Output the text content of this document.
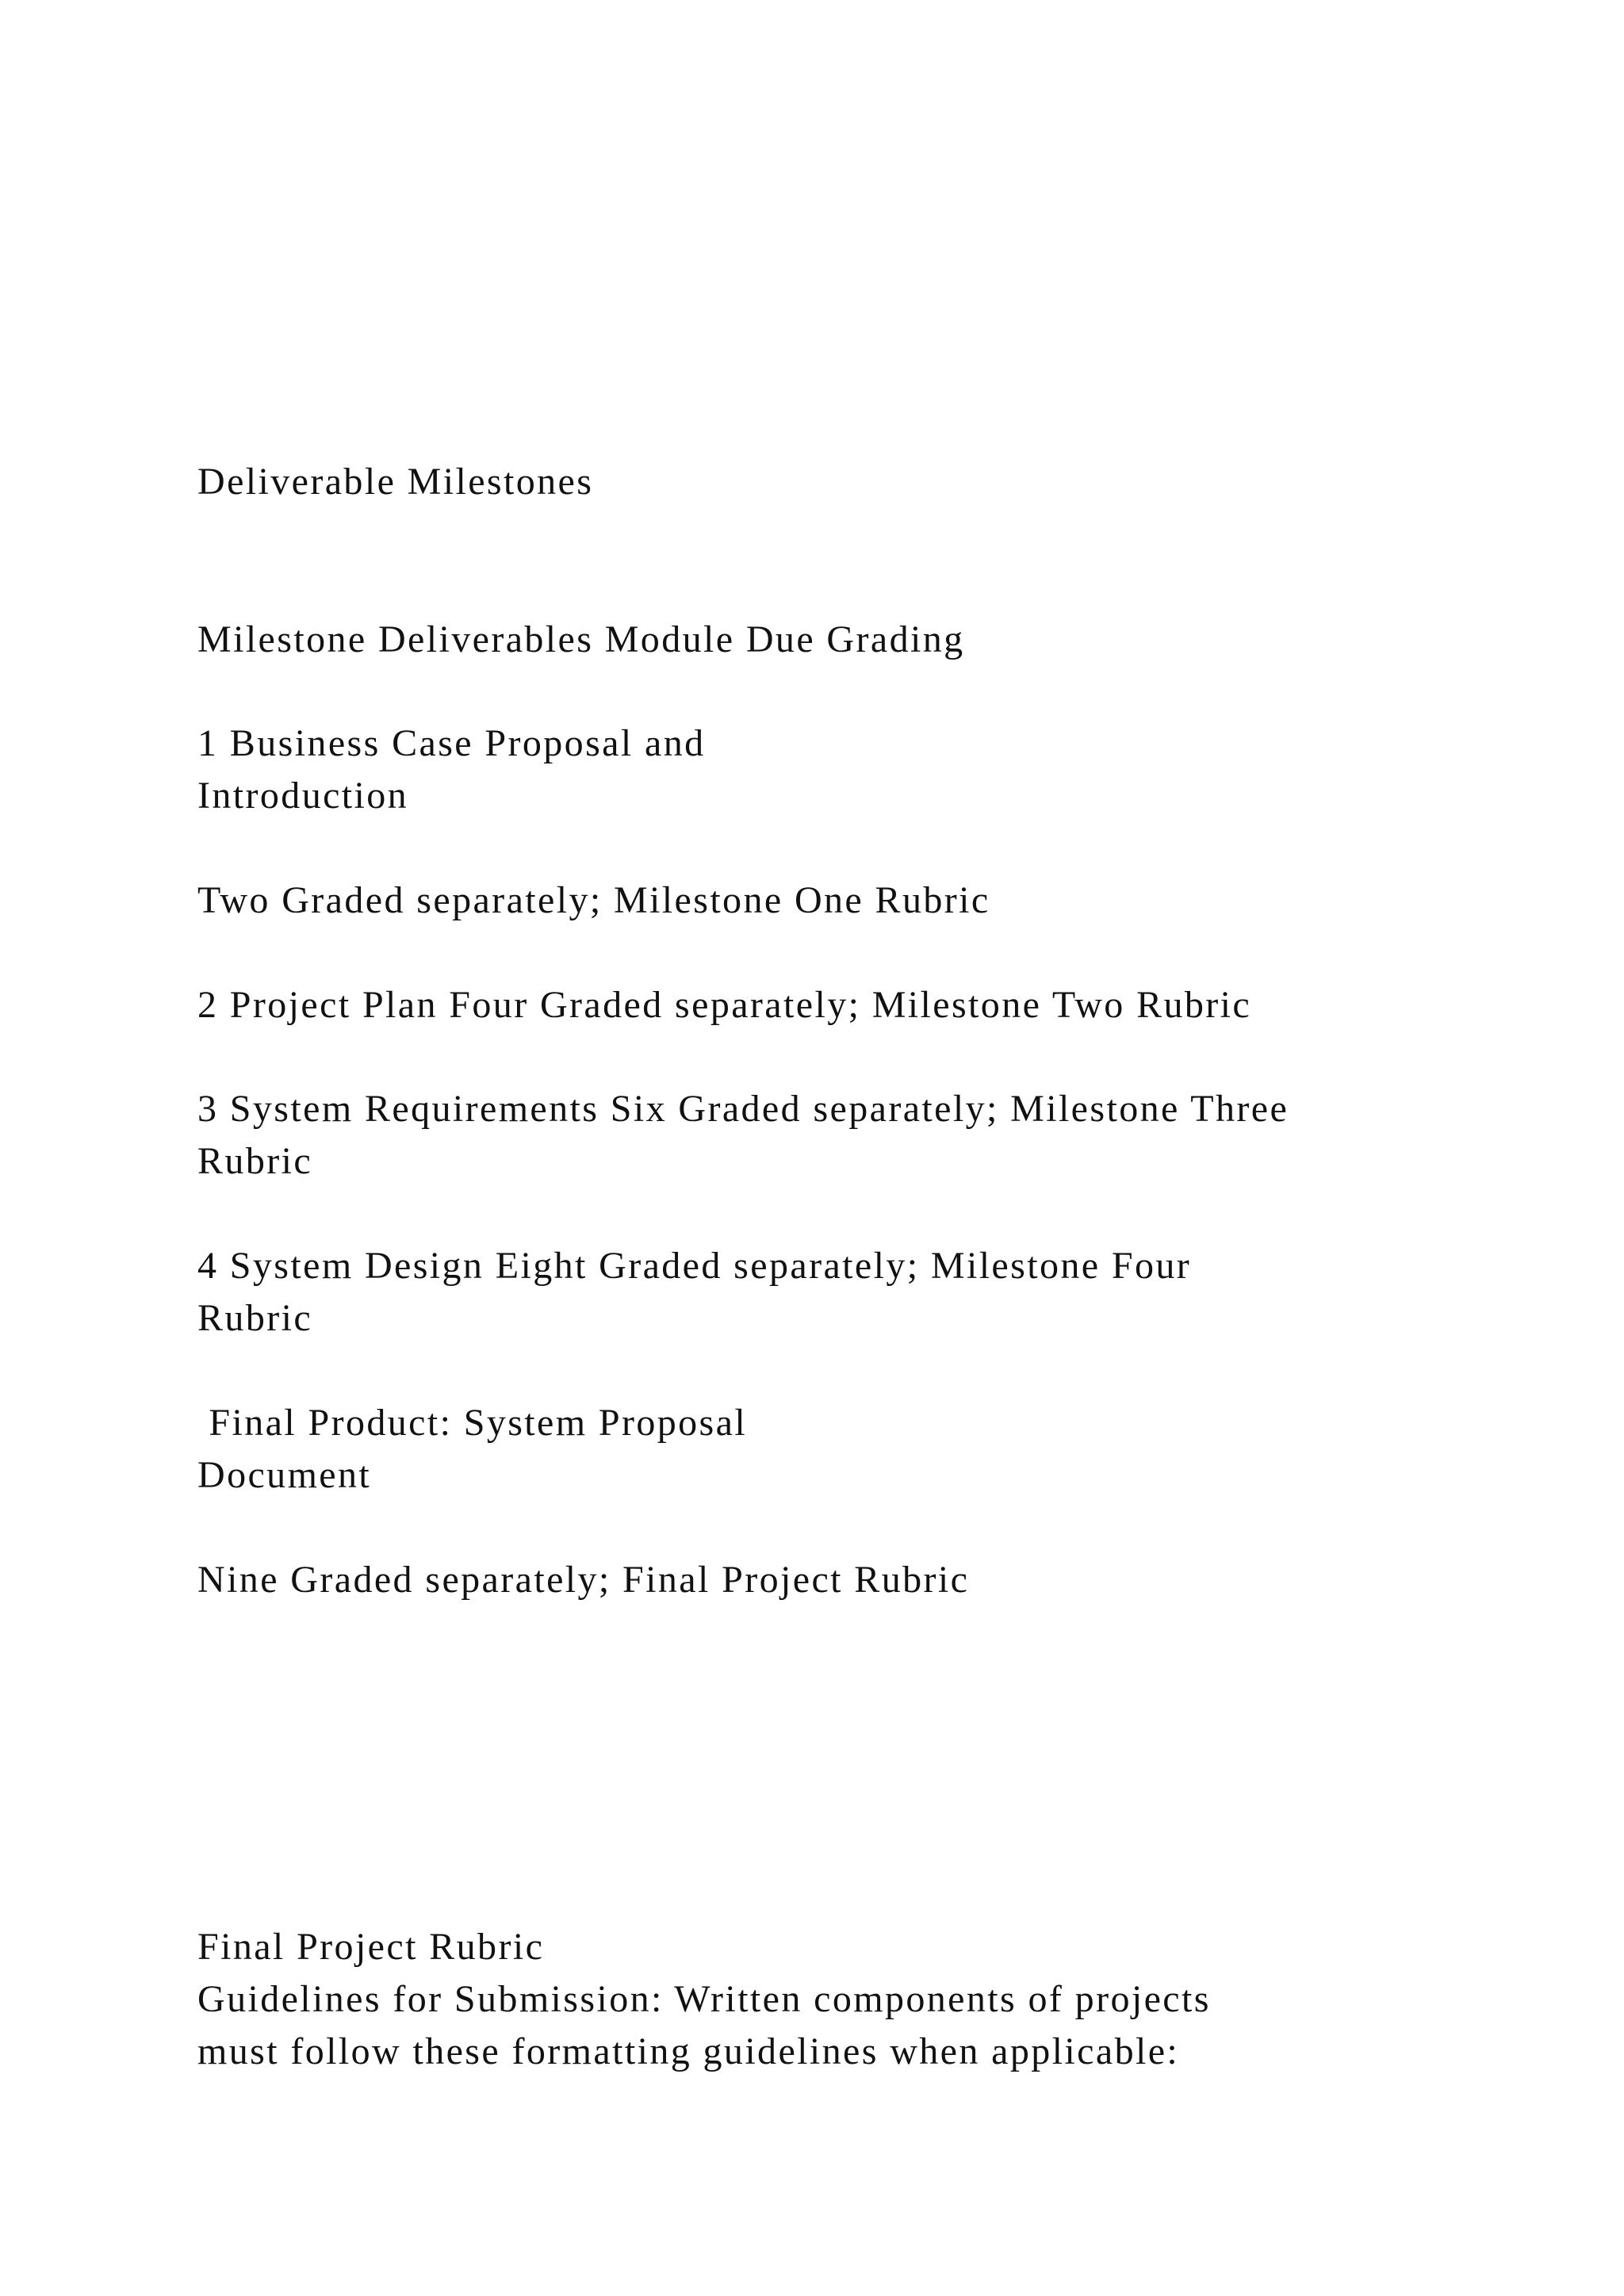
Deliverable Milestones

Milestone Deliverables Module Due Grading

1 Business Case Proposal and

Introduction

Two Graded separately; Milestone One Rubric

2 Project Plan Four Graded separately; Milestone Two Rubric

3 System Requirements Six Graded separately; Milestone Three

Rubric

4 System Design Eight Graded separately; Milestone Four

Rubric

Final Product: System Proposal

Document

Nine Graded separately; Final Project Rubric

Final Project Rubric

Guidelines for Submission: Written components of projects

must follow these formatting guidelines when applicable:
